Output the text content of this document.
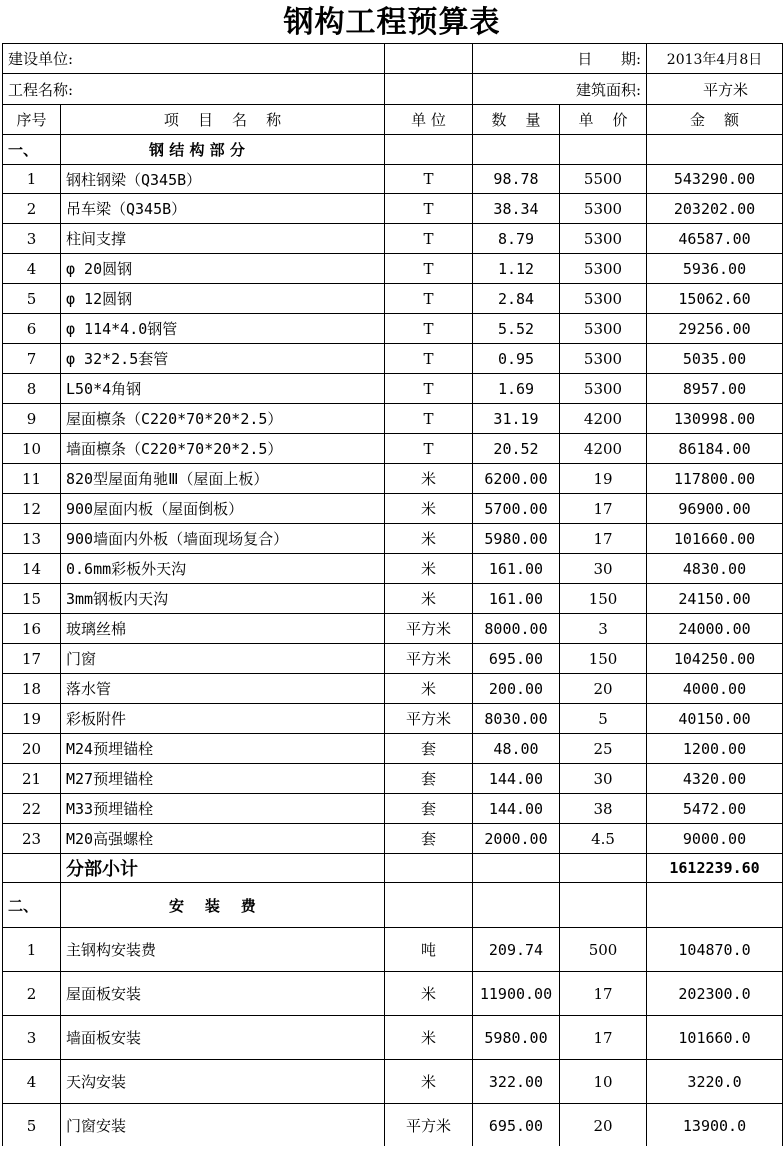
钢构工程预算表
建设单位:			日      期:		2013年4月8日
工程名称:			建筑面积:		平方米
序号	项    目    名    称	单 位	数    量	单    价	金    额
一、	钢 结 构 部 分				
1	钢柱钢梁（Q345B）	T	98.78	5500	543290.00
2	吊车梁（Q345B）	T	38.34	5300	203202.00
3	柱间支撑	T	8.79	5300	46587.00
4	φ 20圆钢	T	1.12	5300	5936.00
5	φ 12圆钢	T	2.84	5300	15062.60
6	φ 114*4.0钢管	T	5.52	5300	29256.00
7	φ 32*2.5套管	T	0.95	5300	5035.00
8	L50*4角钢	T	1.69	5300	8957.00
9	屋面檩条（C220*70*20*2.5）	T	31.19	4200	130998.00
10	墙面檩条（C220*70*20*2.5）	T	20.52	4200	86184.00
11	820型屋面角驰Ⅲ（屋面上板）	米	6200.00	19	117800.00
12	900屋面内板（屋面倒板）	米	5700.00	17	96900.00
13	900墙面内外板（墙面现场复合）	米	5980.00	17	101660.00
14	0.6mm彩板外天沟	米	161.00	30	4830.00
15	3mm钢板内天沟	米	161.00	150	24150.00
16	玻璃丝棉	平方米	8000.00	3	24000.00
17	门窗	平方米	695.00	150	104250.00
18	落水管	米	200.00	20	4000.00
19	彩板附件	平方米	8030.00	5	40150.00
20	M24预埋锚栓	套	48.00	25	1200.00
21	M27预埋锚栓	套	144.00	30	4320.00
22	M33预埋锚栓	套	144.00	38	5472.00
23	M20高强螺栓	套	2000.00	4.5	9000.00
	分部小计				1612239.60
二、	安    装    费				
1	主钢构安装费	吨	209.74	500	104870.0
2	屋面板安装	米	11900.00	17	202300.0
3	墙面板安装	米	5980.00	17	101660.0
4	天沟安装	米	322.00	10	3220.0
5	门窗安装	平方米	695.00	20	13900.0
